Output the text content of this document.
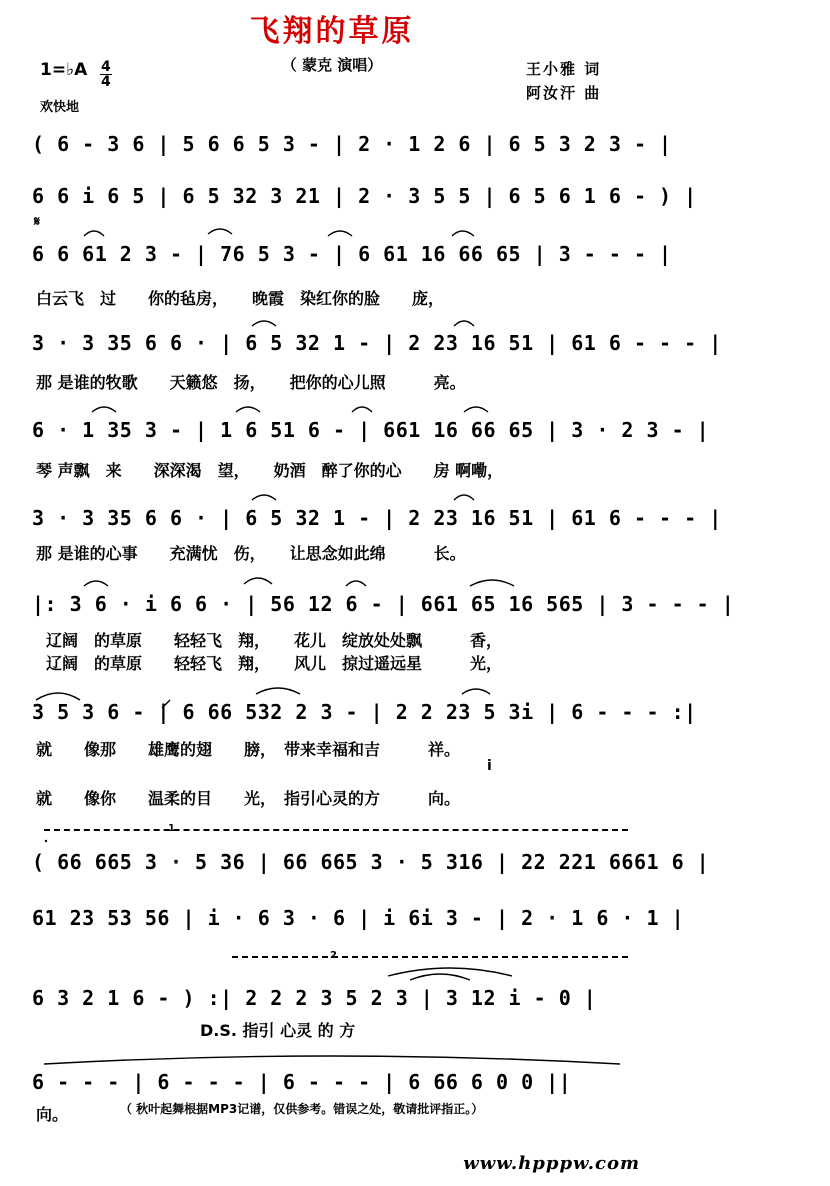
飞翔的草原
（ 蒙克 演唱）
1=♭A $\frac{4}{4}$
欢快地
王小雅 词
阿汝汗 曲
( 6 - 3 6 | 5 6 6 5 3 - | 2 · 1 2 6 | 6 5 3 2 3 - |
6 6 i 6 5 | 6 5 32 3 21 | 2 · 3 5 5 | 6 5 6 1 6 - ) |
𝄋
6 6 61 2 3 - | 76 5 3 - | 6 61 16 66 65 | 3 - - - |
白云飞　过　　你的毡房，　　晚霞　染红你的脸　　庞，
3 · 3 35 6 6 · | 6 5 32 1 - | 2 23 16 51 | 61 6 - - - |
那 是谁的牧歌　　天籁悠　扬，　　把你的心儿照　　　亮。
6 · 1 35 3 - | 1 6 51 6 - | 661 16 66 65 | 3 · 2 3 - |
琴 声飘　来　　深深渴　望，　　奶酒　醉了你的心　　房 啊嘞，
3 · 3 35 6 6 · | 6 5 32 1 - | 2 23 16 51 | 61 6 - - - |
那 是谁的心事　　充满忧　伤，　　让思念如此绵　　　长。
|: 3 6 · i 6 6 · | 56 12 6 - | 661 65 16 565 | 3 - - - |
辽阔　的草原　　轻轻飞　翔，　　花儿　绽放处处飘　　　香，
辽阔　的草原　　轻轻飞　翔，　　风儿　掠过遥远星　　　光，
3 5 3 6 - | 6 66 532 2 3 - | 2 2 23 5 3i | 6 - - - :|
就　　像那　　雄鹰的翅　　膀，　带来幸福和吉　　　祥。
i
就　　像你　　温柔的目　　光，　指引心灵的方　　　向。
1
( 66 665 3 · 5 36 | 66 665 3 · 5 316 | 22 221 6661 6 |
61 23 53 56 | i · 6 3 · 6 | i 6i 3 - | 2 · 1 6 · 1 |
2
6 3 2 1 6 - ) :| 2 2 2 3 5 2 3 | 3 12 i - 0 |
D.S. 指引 心灵 的 方
6 - - - | 6 - - - | 6 - - - | 6 66 6 0 0 ||
向。	（ 秋叶起舞根据MP3记谱，仅供参考。错误之处，敬请批评指正。）
www.hpppw.com
